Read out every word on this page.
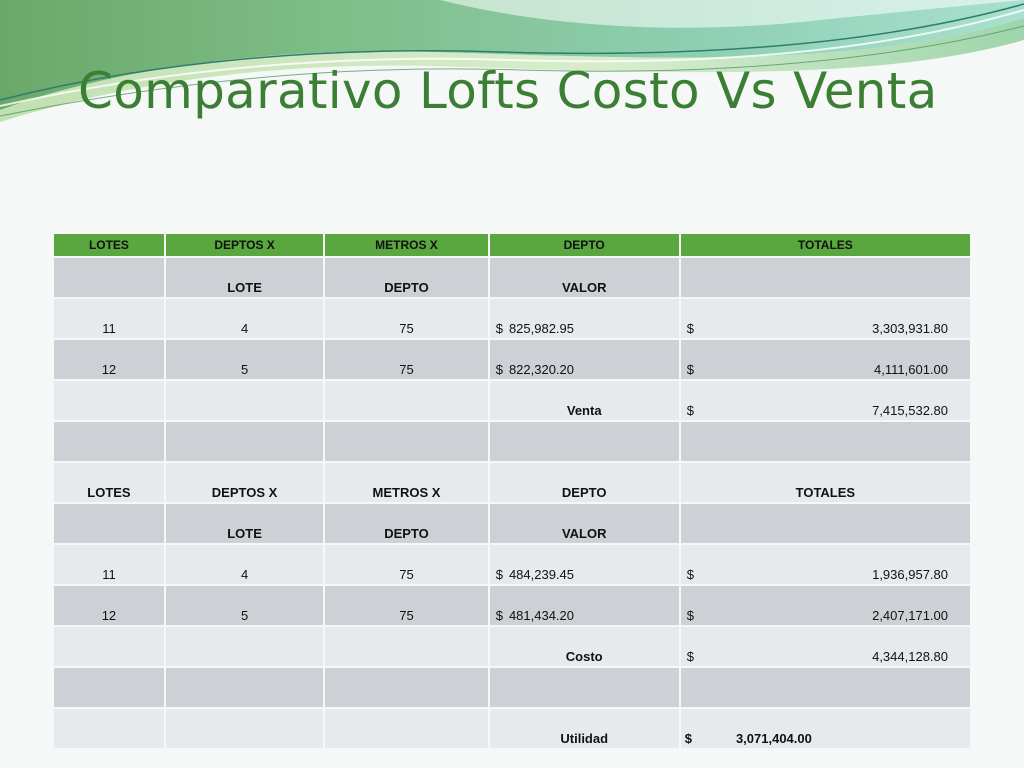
Comparativo Lofts Costo Vs Venta
LOTES	DEPTOS X	METROS X	DEPTO	TOTALES
	LOTE	DEPTO	VALOR	
11	4	75	$ 825,982.95	$ 3,303,931.80

12	5	75	$ 822,320.20	$ 4,111,601.00

			Venta	$ 7,415,532.80

LOTES	DEPTOS X	METROS X	DEPTO	TOTALES
	LOTE	DEPTO	VALOR	
11	4	75	$ 484,239.45	$ 1,936,957.80

12	5	75	$ 481,434.20	$ 2,407,171.00

			Costo	$ 4,344,128.80

			Utilidad	$ 3,071,404.00
